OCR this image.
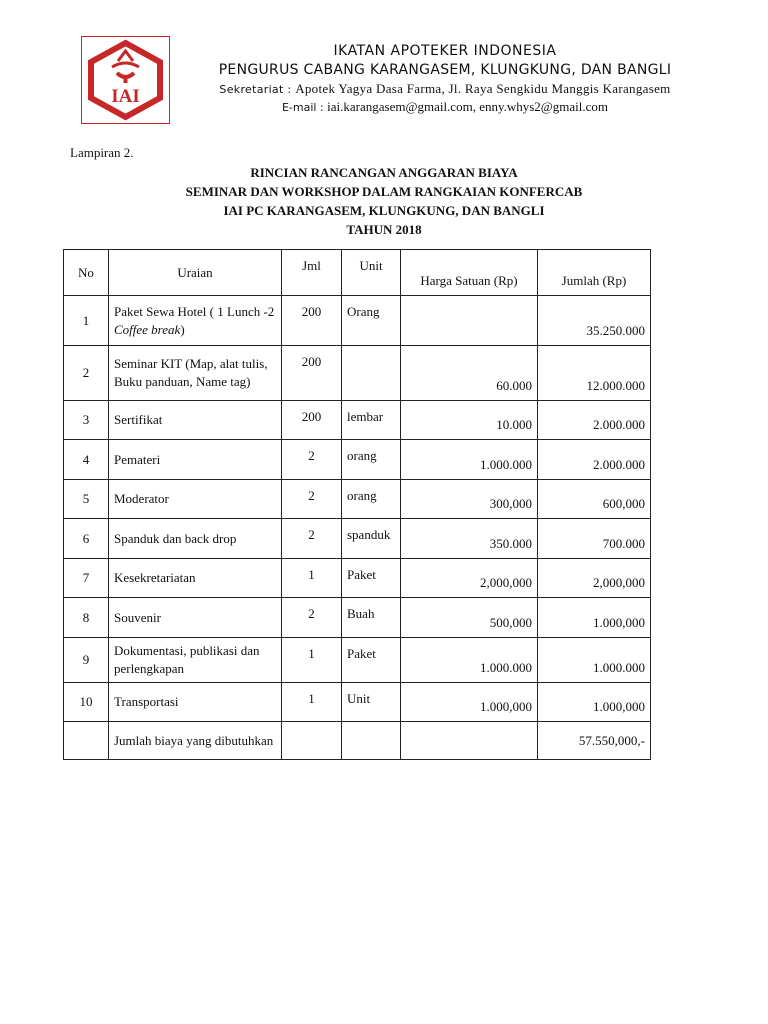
IAI
IKATAN APOTEKER INDONESIA
PENGURUS CABANG KARANGASEM, KLUNGKUNG, DAN BANGLI
Sekretariat : Apotek Yagya Dasa Farma, Jl. Raya Sengkidu Manggis Karangasem
E-mail : iai.karangasem@gmail.com, enny.whys2@gmail.com
Lampiran 2.
RINCIAN RANCANGAN ANGGARAN BIAYA
SEMINAR DAN WORKSHOP DALAM RANGKAIAN KONFERCAB
IAI PC KARANGASEM, KLUNGKUNG, DAN BANGLI
TAHUN 2018
No	Uraian	Jml	Unit	Harga Satuan (Rp)	Jumlah (Rp)
1	Paket Sewa Hotel ( 1 Lunch -2 Coffee break)	200	Orang		35.250.000
2	Seminar KIT (Map, alat tulis, Buku panduan, Name tag)	200		60.000	12.000.000
3	Sertifikat	200	lembar	10.000	2.000.000
4	Pemateri	2	orang	1.000.000	2.000.000
5	Moderator	2	orang	300,000	600,000
6	Spanduk dan back drop	2	spanduk	350.000	700.000
7	Kesekretariatan	1	Paket	2,000,000	2,000,000
8	Souvenir	2	Buah	500,000	1.000,000
9	Dokumentasi, publikasi dan perlengkapan	1	Paket	1.000.000	1.000.000
10	Transportasi	1	Unit	1.000,000	1.000,000
	Jumlah biaya yang dibutuhkan				57.550,000,-
